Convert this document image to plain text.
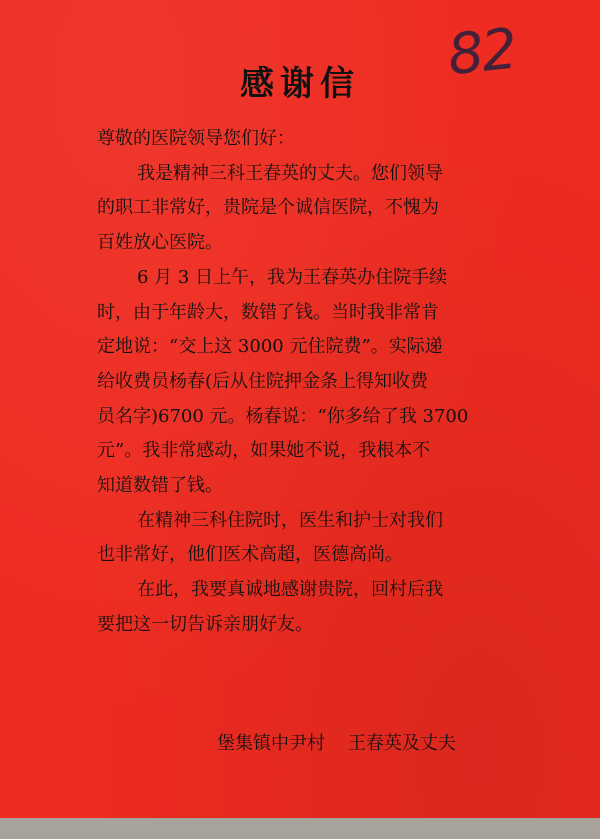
82
感谢信
尊敬的医院领导您们好：
我是精神三科王春英的丈夫。您们领导
的职工非常好，贵院是个诚信医院，不愧为
百姓放心医院。
6 月 3 日上午，我为王春英办住院手续
时，由于年龄大，数错了钱。当时我非常肯
定地说：“交上这 3000 元住院费”。实际递
给收费员杨春(后从住院押金条上得知收费
员名字)6700 元。杨春说：“你多给了我 3700
元”。我非常感动，如果她不说，我根本不
知道数错了钱。
在精神三科住院时，医生和护士对我们
也非常好，他们医术高超，医德高尚。
在此，我要真诚地感谢贵院，回村后我
要把这一切告诉亲朋好友。
堡集镇中尹村 王春英及丈夫
